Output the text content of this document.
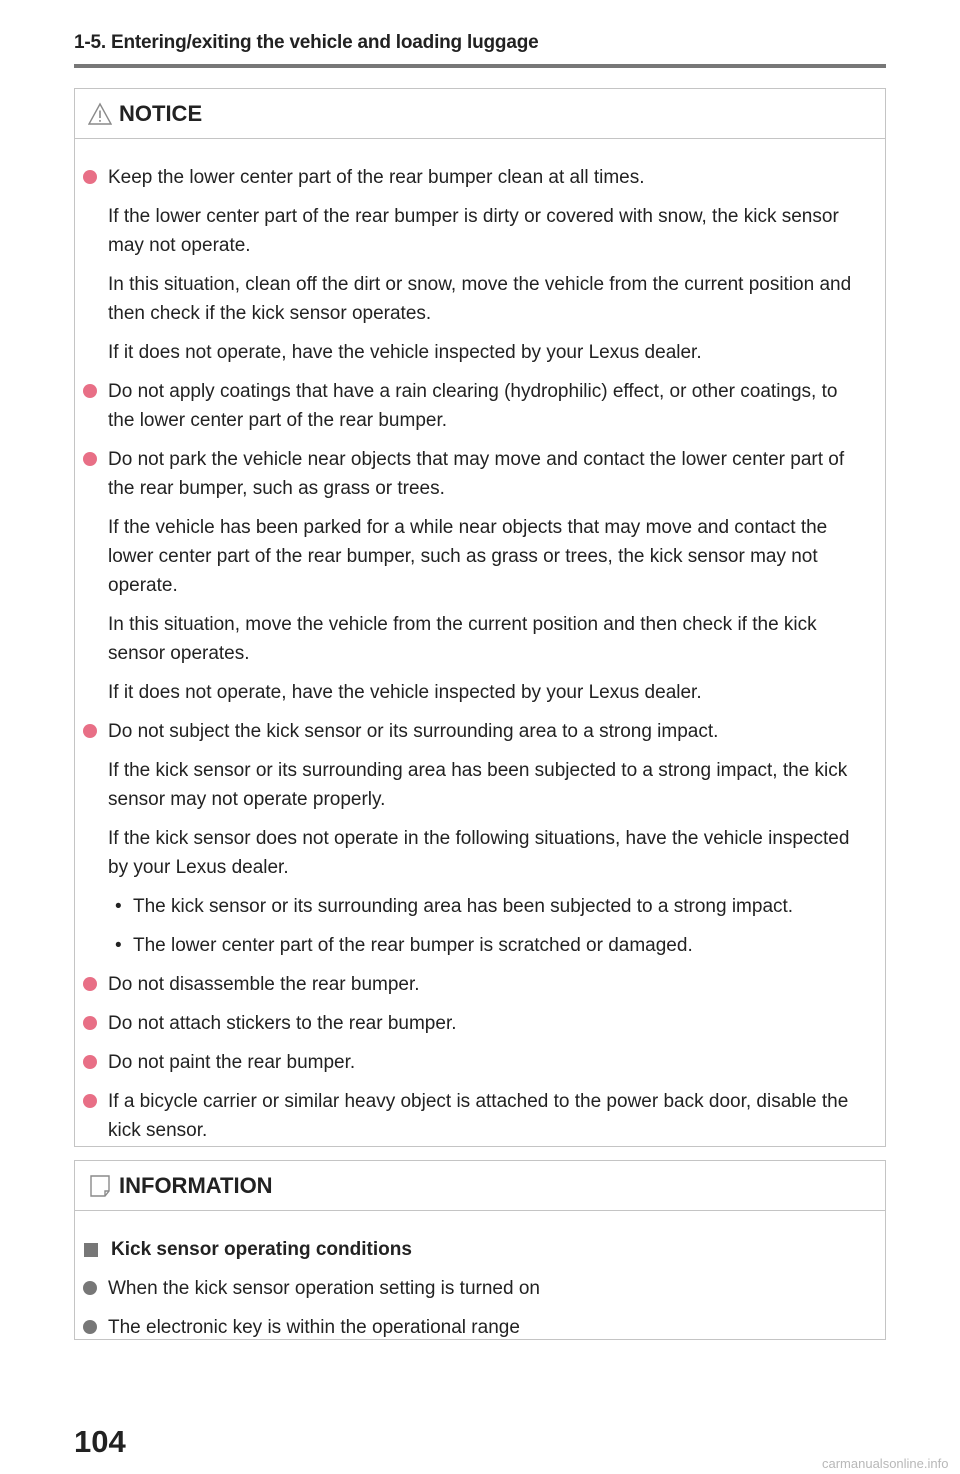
1-5. Entering/exiting the vehicle and loading luggage
NOTICE
Keep the lower center part of the rear bumper clean at all times.
If the lower center part of the rear bumper is dirty or covered with snow, the kick sensor may not operate.
In this situation, clean off the dirt or snow, move the vehicle from the current position and then check if the kick sensor operates.
If it does not operate, have the vehicle inspected by your Lexus dealer.
Do not apply coatings that have a rain clearing (hydrophilic) effect, or other coatings, to the lower center part of the rear bumper.
Do not park the vehicle near objects that may move and contact the lower center part of the rear bumper, such as grass or trees.
If the vehicle has been parked for a while near objects that may move and contact the lower center part of the rear bumper, such as grass or trees, the kick sensor may not operate.
In this situation, move the vehicle from the current position and then check if the kick sensor operates.
If it does not operate, have the vehicle inspected by your Lexus dealer.
Do not subject the kick sensor or its surrounding area to a strong impact.
If the kick sensor or its surrounding area has been subjected to a strong impact, the kick sensor may not operate properly.
If the kick sensor does not operate in the following situations, have the vehicle inspected by your Lexus dealer.
• The kick sensor or its surrounding area has been subjected to a strong impact.
• The lower center part of the rear bumper is scratched or damaged.
Do not disassemble the rear bumper.
Do not attach stickers to the rear bumper.
Do not paint the rear bumper.
If a bicycle carrier or similar heavy object is attached to the power back door, disable the kick sensor.
INFORMATION
Kick sensor operating conditions
When the kick sensor operation setting is turned on
The electronic key is within the operational range
104
carmanualsonline.info
